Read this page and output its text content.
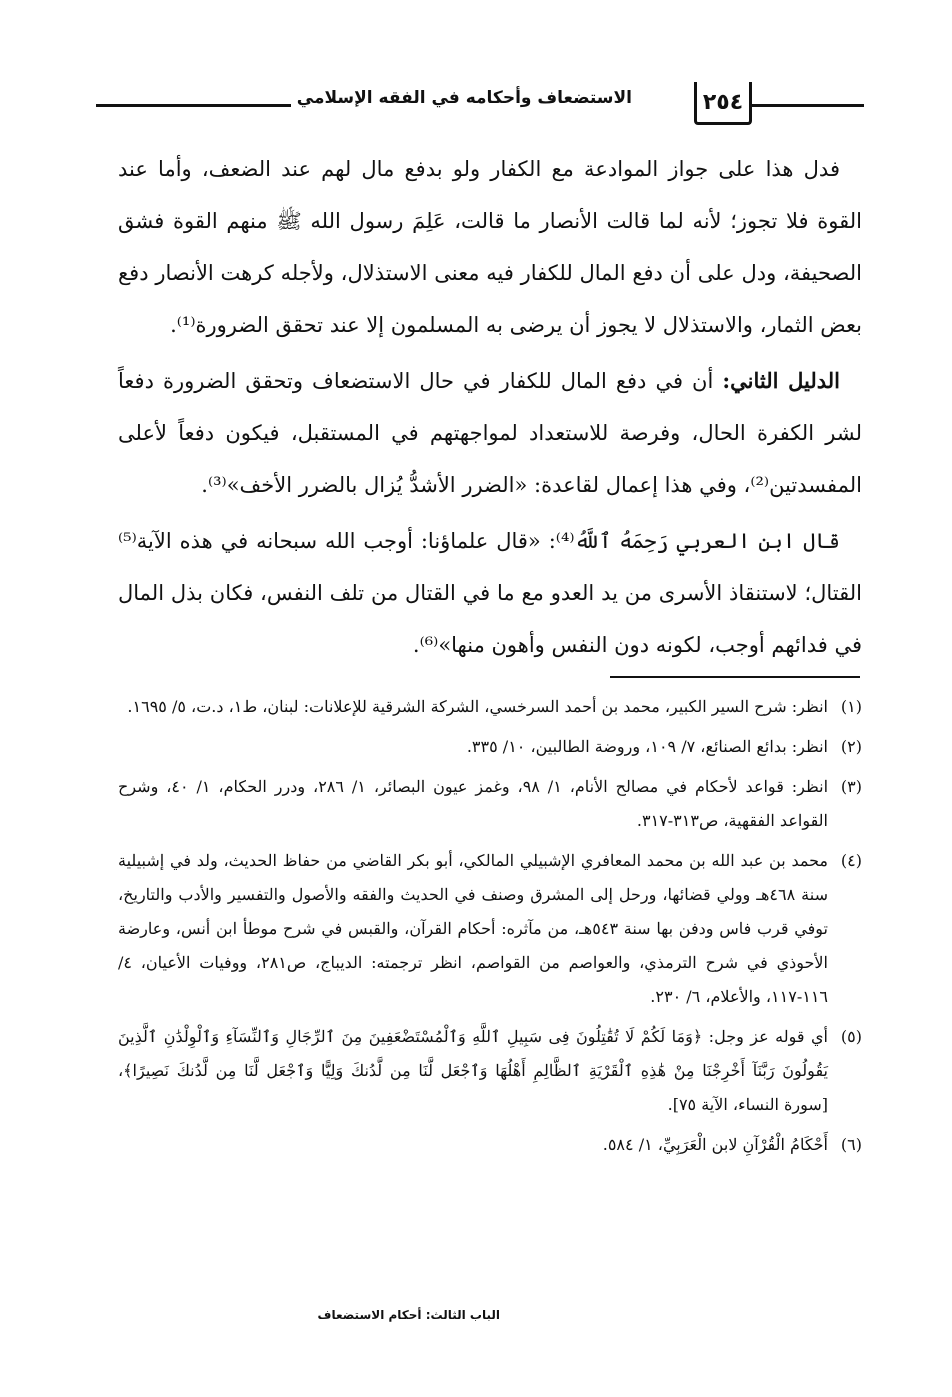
الاستضعاف وأحكامه في الفقه الإسلامي	٢٥٤

فدل هذا على جواز الموادعة مع الكفار ولو بدفع مال لهم عند الضعف، وأما عند القوة فلا تجوز؛ لأنه لما قالت الأنصار ما قالت، عَلِمَ رسول الله ﷺ منهم القوة فشق الصحيفة، ودل على أن دفع المال للكفار فيه معنى الاستذلال، ولأجله كرهت الأنصار دفع بعض الثمار، والاستذلال لا يجوز أن يرضى به المسلمون إلا عند تحقق الضرورة⁽¹⁾.

الدليل الثاني: أن في دفع المال للكفار في حال الاستضعاف وتحقق الضرورة دفعاً لشر الكفرة الحال، وفرصة للاستعداد لمواجهتهم في المستقبل، فيكون دفعاً لأعلى المفسدتين⁽²⁾، وفي هذا إعمال لقاعدة: «الضرر الأشدُّ يُزال بالضرر الأخف»⁽³⁾.

قال ابن العربي رَحِمَهُ ٱللَّهُ⁽⁴⁾: «قال علماؤنا: أوجب الله سبحانه في هذه الآية⁽⁵⁾ القتال؛ لاستنقاذ الأسرى من يد العدو مع ما في القتال من تلف النفس، فكان بذل المال في فدائهم أوجب، لكونه دون النفس وأهون منها»⁽⁶⁾.

(١)
انظر: شرح السير الكبير، محمد بن أحمد السرخسي، الشركة الشرقية للإعلانات: لبنان، ط١، د.ت، ٥/ ١٦٩٥.
(٢)
انظر: بدائع الصنائع، ٧/ ١٠٩، وروضة الطالبين، ١٠/ ٣٣٥.
(٣)
انظر: قواعد لأحكام في مصالح الأنام، ١/ ٩٨، وغمز عيون البصائر، ١/ ٢٨٦، ودرر الحكام، ١/ ٤٠، وشرح القواعد الفقهية، ص٣١٣-٣١٧.
(٤)
محمد بن عبد الله بن محمد المعافري الإشبيلي المالكي، أبو بكر القاضي من حفاظ الحديث، ولد في إشبيلية سنة ٤٦٨هـ وولي قضائها، ورحل إلى المشرق وصنف في الحديث والفقه والأصول والتفسير والأدب والتاريخ، توفي قرب فاس ودفن بها سنة ٥٤٣هـ، من مآثره: أحكام القرآن، والقبس في شرح موطأ ابن أنس، وعارضة الأحوذي في شرح الترمذي، والعواصم من القواصم، انظر ترجمته: الديباج، ص٢٨١، ووفيات الأعيان، ٤/ ١١٦-١١٧، والأعلام، ٦/ ٢٣٠.
(٥)
أي قوله عز وجل: ﴿وَمَا لَكُمْ لَا تُقَٰتِلُونَ فِى سَبِيلِ ٱللَّهِ وَٱلْمُسْتَضْعَفِينَ مِنَ ٱلرِّجَالِ وَٱلنِّسَآءِ وَٱلْوِلْدَٰنِ ٱلَّذِينَ يَقُولُونَ رَبَّنَآ أَخْرِجْنَا مِنْ هَٰذِهِ ٱلْقَرْيَةِ ٱلظَّالِمِ أَهْلُهَا وَٱجْعَل لَّنَا مِن لَّدُنكَ وَلِيًّا وَٱجْعَل لَّنَا مِن لَّدُنكَ نَصِيرًا﴾، [سورة النساء، الآية ٧٥].
(٦)
أَحْكَامُ الْقُرْآنِ لابن الْعَرَبِيِّ، ١/ ٥٨٤.
الباب الثالث: أحكام الاستضعاف
